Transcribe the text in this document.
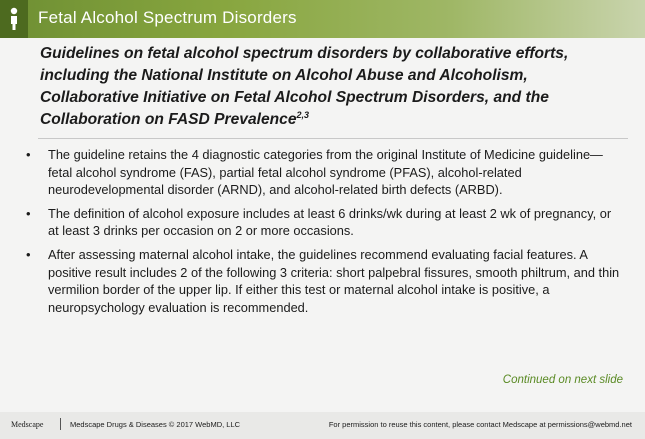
Fetal Alcohol Spectrum Disorders
Guidelines on fetal alcohol spectrum disorders by collaborative efforts, including the National Institute on Alcohol Abuse and Alcoholism, Collaborative Initiative on Fetal Alcohol Spectrum Disorders, and the Collaboration on FASD Prevalence$^{2,3}$
• The guideline retains the 4 diagnostic categories from the original Institute of Medicine guideline—fetal alcohol syndrome (FAS), partial fetal alcohol syndrome (PFAS), alcohol-related neurodevelopmental disorder (ARND), and alcohol-related birth defects (ARBD).
• The definition of alcohol exposure includes at least 6 drinks/wk during at least 2 wk of pregnancy, or at least 3 drinks per occasion on 2 or more occasions.
• After assessing maternal alcohol intake, the guidelines recommend evaluating facial features. A positive result includes 2 of the following 3 criteria: short palpebral fissures, smooth philtrum, and thin vermilion border of the upper lip. If either this test or maternal alcohol intake is positive, a neuropsychology evaluation is recommended.
Continued on next slide
Medscape	Medscape Drugs & Diseases © 2017 WebMD, LLC	For permission to reuse this content, please contact Medscape at permissions@webmd.net
